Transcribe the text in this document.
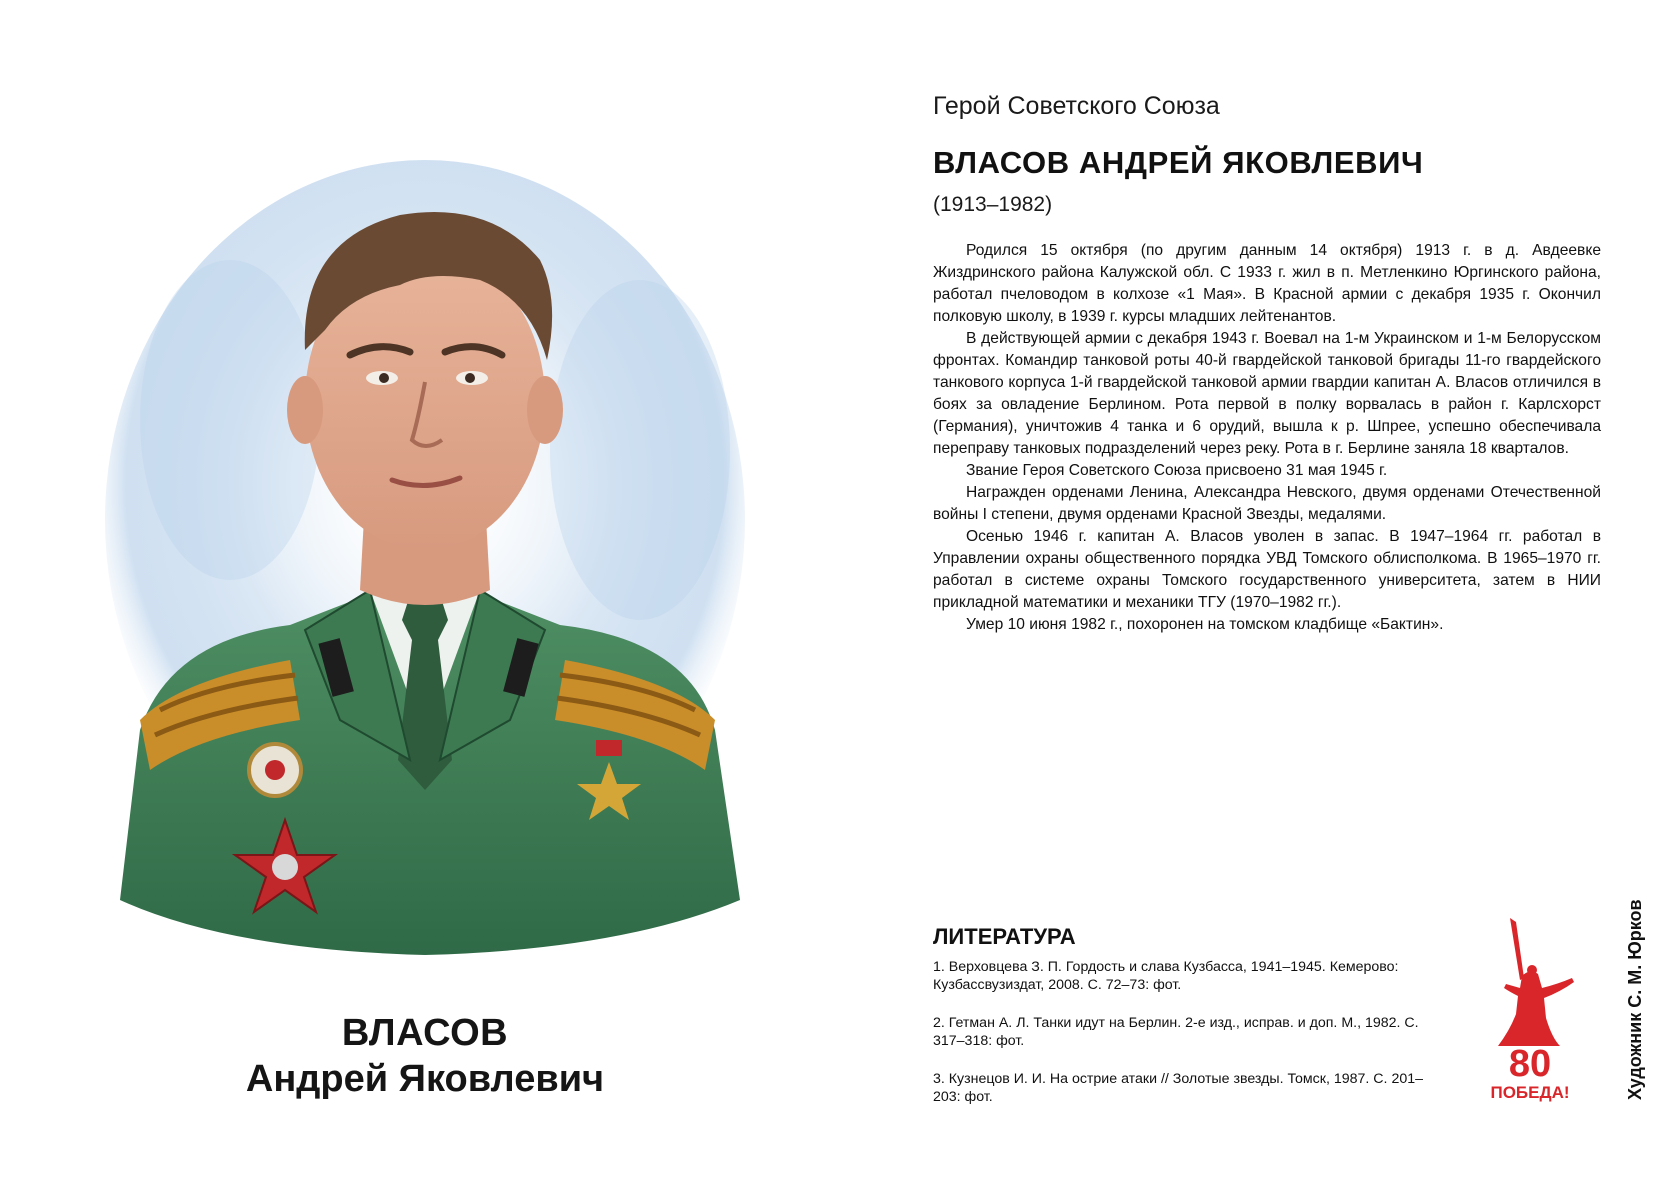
ВЛАСОВ
Андрей Яковлевич
Герой Советского Союза
ВЛАСОВ АНДРЕЙ ЯКОВЛЕВИЧ
(1913–1982)

Родился 15 октября (по другим данным 14 октября) 1913 г. в д. Авдеевке Жиздринского района Калужской обл. С 1933 г. жил в п. Метленкино Юргинского района, работал пчеловодом в колхозе «1 Мая». В Красной армии с декабря 1935 г. Окончил полковую школу, в 1939 г. курсы младших лейтенантов.

В действующей армии с декабря 1943 г. Воевал на 1-м Украинском и 1-м Белорусском фронтах. Командир танковой роты 40-й гвардейской танковой бригады 11-го гвардейского танкового корпуса 1-й гвардейской танковой армии гвардии капитан А. Власов отличился в боях за овладение Берлином. Рота первой в полку ворвалась в район г. Карлсхорст (Германия), уничтожив 4 танка и 6 орудий, вышла к р. Шпрее, успешно обеспечивала переправу танковых подразделений через реку. Рота в г. Берлине заняла 18 кварталов.

Звание Героя Советского Союза присвоено 31 мая 1945 г.

Награжден орденами Ленина, Александра Невского, двумя орденами Отечественной войны I степени, двумя орденами Красной Звезды, медалями.

Осенью 1946 г. капитан А. Власов уволен в запас. В 1947–1964 гг. работал в Управлении охраны общественного порядка УВД Томского облисполкома. В 1965–1970 гг. работал в системе охраны Томского государственного университета, затем в НИИ прикладной математики и механики ТГУ (1970–1982 гг.).

Умер 10 июня 1982 г., похоронен на томском кладбище «Бактин».

ЛИТЕРАТУРА
1. Верховцева З. П. Гордость и слава Кузбасса, 1941–1945. Кемерово: Кузбассвузиздат, 2008. С. 72–73: фот.
2. Гетман А. Л. Танки идут на Берлин. 2-е изд., исправ. и доп. М., 1982. С. 317–318: фот.
3. Кузнецов И. И. На острие атаки // Золотые звезды. Томск, 1987. С. 201–203: фот.
80
ПОБЕДА!	Художник С. М. Юрков
